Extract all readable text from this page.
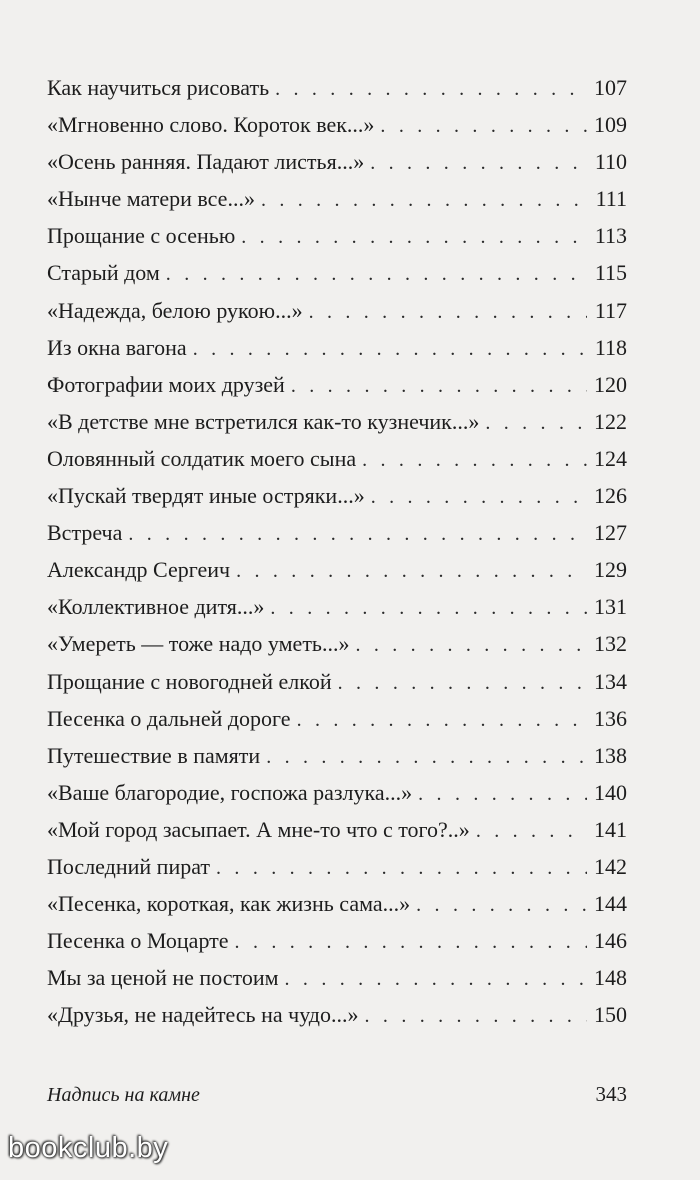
Как научиться рисовать . . .	107
«Мгновенно слово. Короток век...» . . .	109
«Осень ранняя. Падают листья...» . . .	110
«Нынче матери все...» . . .	111
Прощание с осенью . . .	113
Старый дом . . .	115
«Надежда, белою рукою...» . . .	117
Из окна вагона . . .	118
Фотографии моих друзей . . .	120
«В детстве мне встретился как-то кузнечик...» . . .	122
Оловянный солдатик моего сына . . .	124
«Пускай твердят иные остряки...» . . .	126
Встреча . . .	127
Александр Сергеич . . .	129
«Коллективное дитя...» . . .	131
«Умереть — тоже надо уметь...» . . .	132
Прощание с новогодней елкой . . .	134
Песенка о дальней дороге . . .	136
Путешествие в памяти . . .	138
«Ваше благородие, госпожа разлука...» . . .	140
«Мой город засыпает. А мне-то что с того?..» . . .	141
Последний пират . . .	142
«Песенка, короткая, как жизнь сама...» . . .	144
Песенка о Моцарте . . .	146
Мы за ценой не постоим . . .	148
«Друзья, не надейтесь на чудо...» . . .	150
Надпись на камне	343
bookclub.by
